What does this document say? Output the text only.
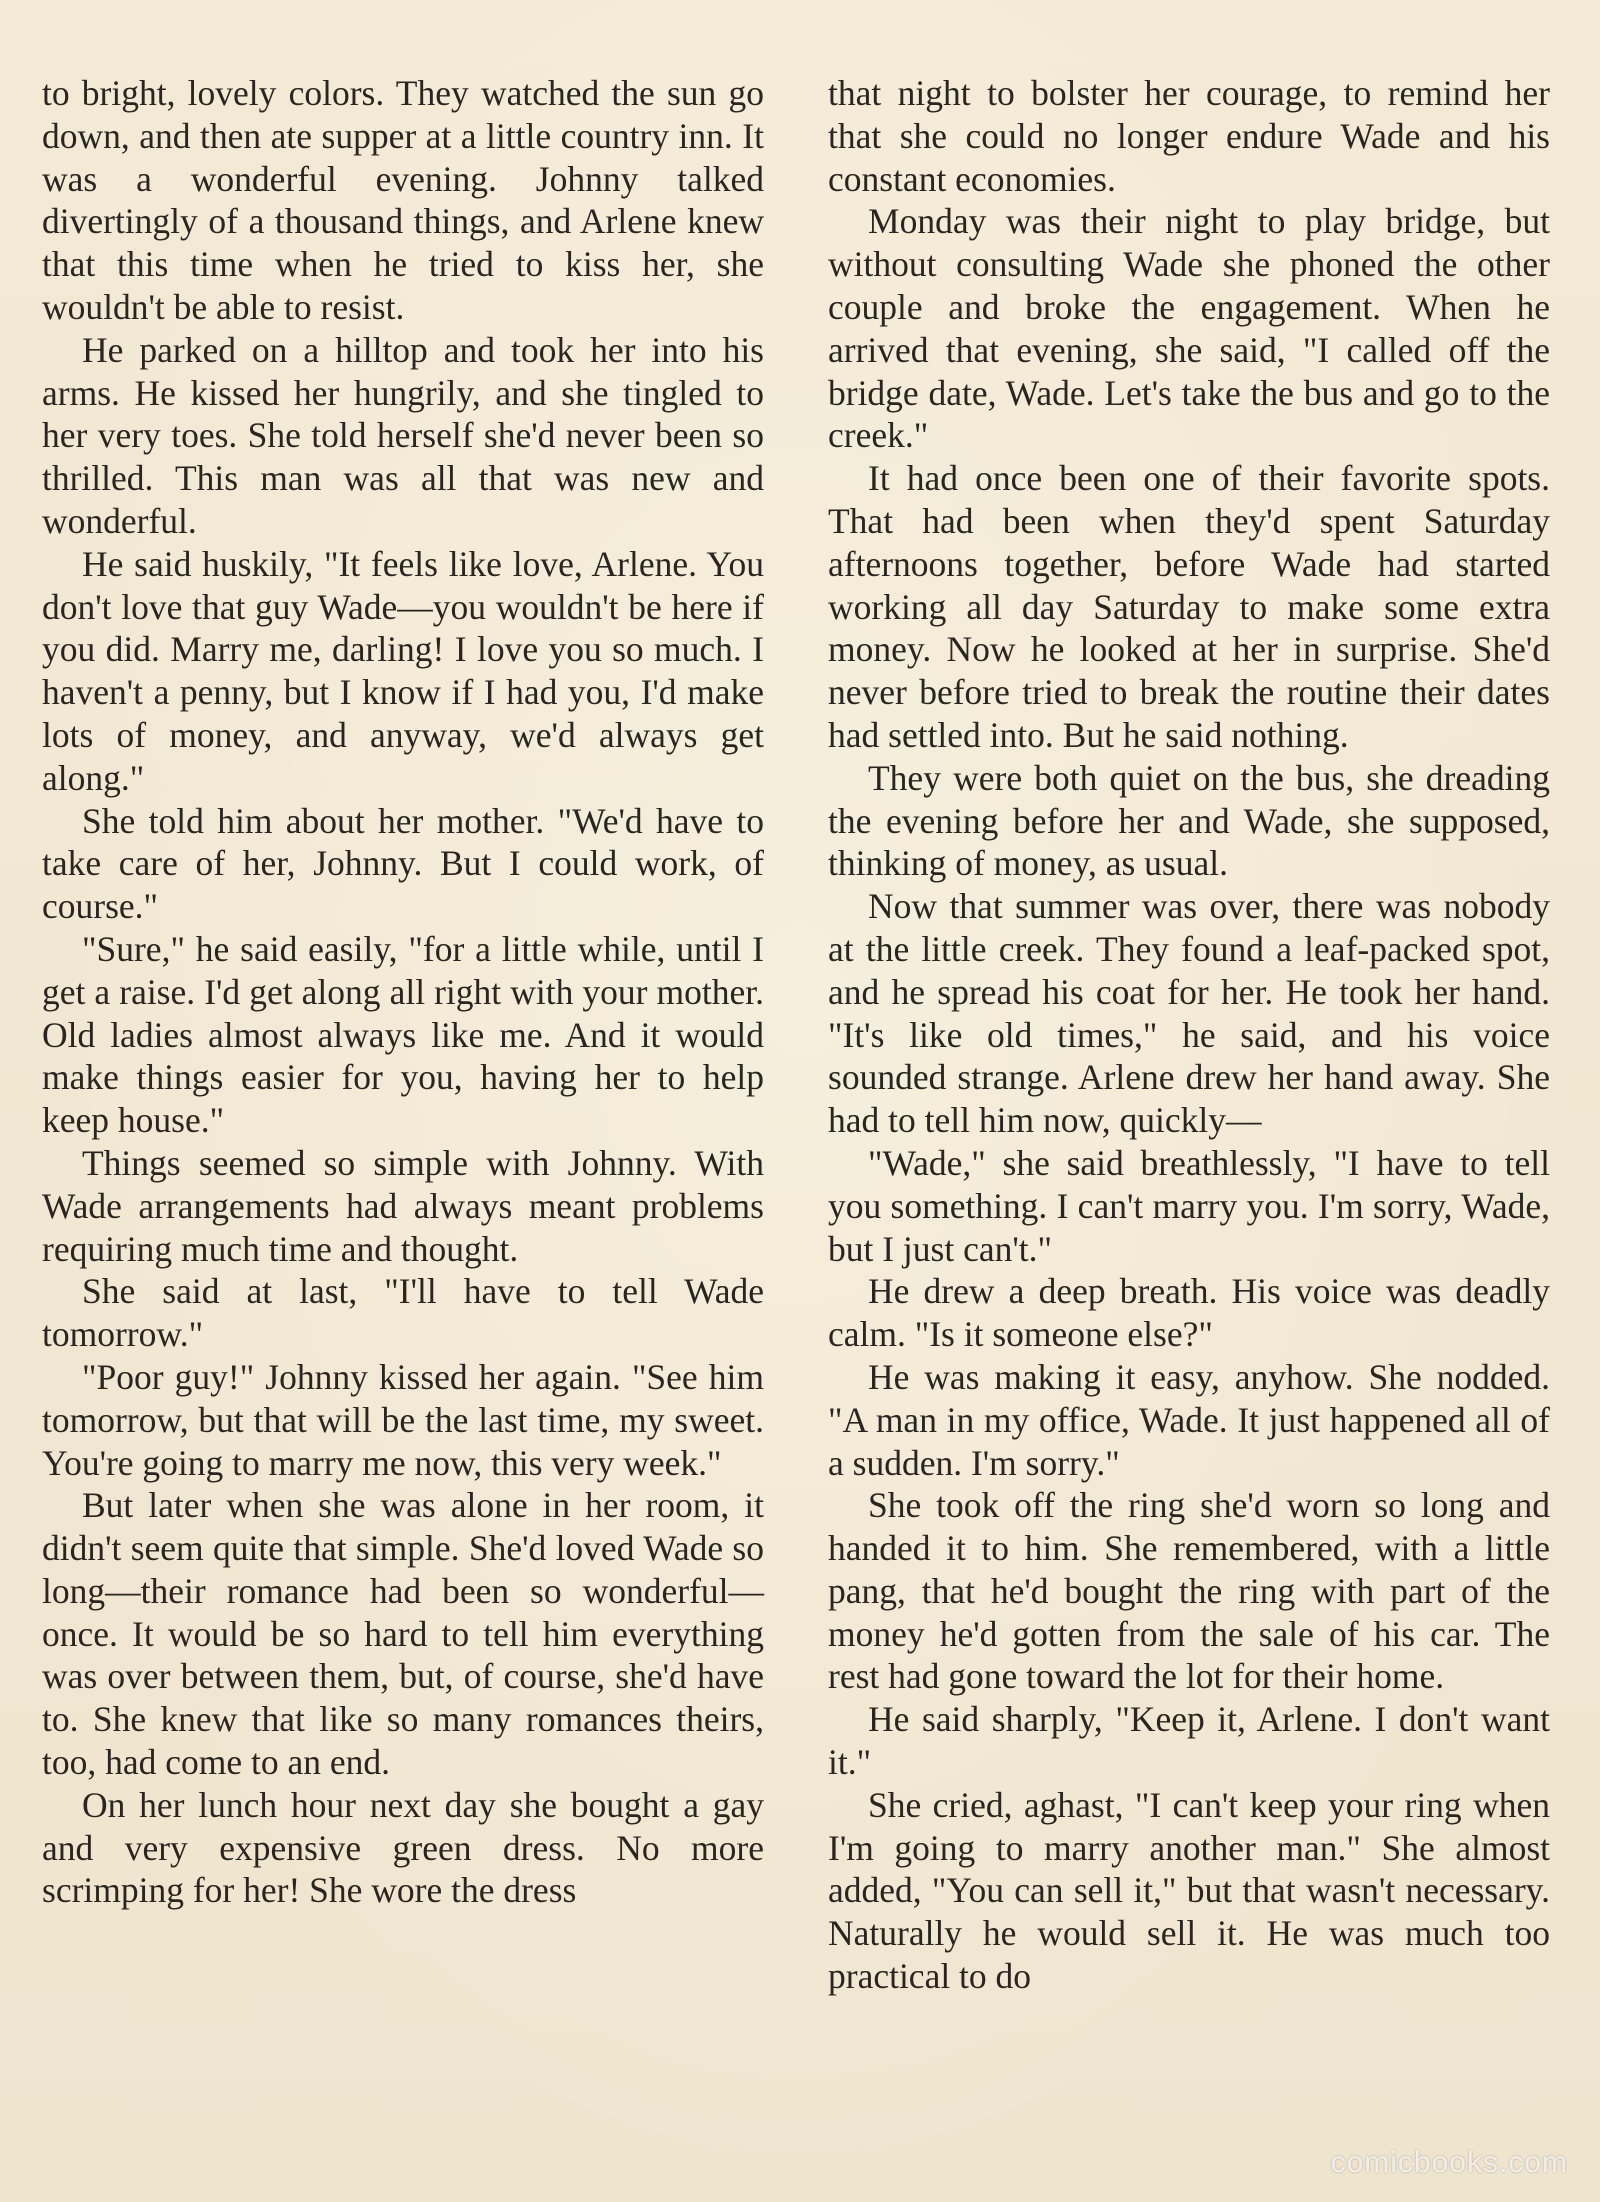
to bright, lovely colors. They watched the sun go down, and then ate supper at a little country inn. It was a wonderful evening. Johnny talked divertingly of a thousand things, and Arlene knew that this time when he tried to kiss her, she wouldn't be able to resist.

He parked on a hilltop and took her into his arms. He kissed her hungrily, and she tingled to her very toes. She told herself she'd never been so thrilled. This man was all that was new and wonderful.

He said huskily, "It feels like love, Arlene. You don't love that guy Wade—you wouldn't be here if you did. Marry me, darling! I love you so much. I haven't a penny, but I know if I had you, I'd make lots of money, and anyway, we'd always get along."

She told him about her mother. "We'd have to take care of her, Johnny. But I could work, of course."

"Sure," he said easily, "for a little while, until I get a raise. I'd get along all right with your mother. Old ladies almost always like me. And it would make things easier for you, having her to help keep house."

Things seemed so simple with Johnny. With Wade arrangements had always meant problems requiring much time and thought.

She said at last, "I'll have to tell Wade tomorrow."

"Poor guy!" Johnny kissed her again. "See him tomorrow, but that will be the last time, my sweet. You're going to marry me now, this very week."

But later when she was alone in her room, it didn't seem quite that simple. She'd loved Wade so long—their romance had been so wonderful—once. It would be so hard to tell him everything was over between them, but, of course, she'd have to. She knew that like so many romances theirs, too, had come to an end.

On her lunch hour next day she bought a gay and very expensive green dress. No more scrimping for her! She wore the dress

that night to bolster her courage, to remind her that she could no longer endure Wade and his constant economies.

Monday was their night to play bridge, but without consulting Wade she phoned the other couple and broke the engagement. When he arrived that evening, she said, "I called off the bridge date, Wade. Let's take the bus and go to the creek."

It had once been one of their favorite spots. That had been when they'd spent Saturday afternoons together, before Wade had started working all day Saturday to make some extra money. Now he looked at her in surprise. She'd never before tried to break the routine their dates had settled into. But he said nothing.

They were both quiet on the bus, she dreading the evening before her and Wade, she supposed, thinking of money, as usual.

Now that summer was over, there was nobody at the little creek. They found a leaf-packed spot, and he spread his coat for her. He took her hand. "It's like old times," he said, and his voice sounded strange. Arlene drew her hand away. She had to tell him now, quickly—

"Wade," she said breathlessly, "I have to tell you something. I can't marry you. I'm sorry, Wade, but I just can't."

He drew a deep breath. His voice was deadly calm. "Is it someone else?"

He was making it easy, anyhow. She nodded. "A man in my office, Wade. It just happened all of a sudden. I'm sorry."

She took off the ring she'd worn so long and handed it to him. She remembered, with a little pang, that he'd bought the ring with part of the money he'd gotten from the sale of his car. The rest had gone toward the lot for their home.

He said sharply, "Keep it, Arlene. I don't want it."

She cried, aghast, "I can't keep your ring when I'm going to marry another man." She almost added, "You can sell it," but that wasn't necessary. Naturally he would sell it. He was much too practical to do

comicbooks.com
